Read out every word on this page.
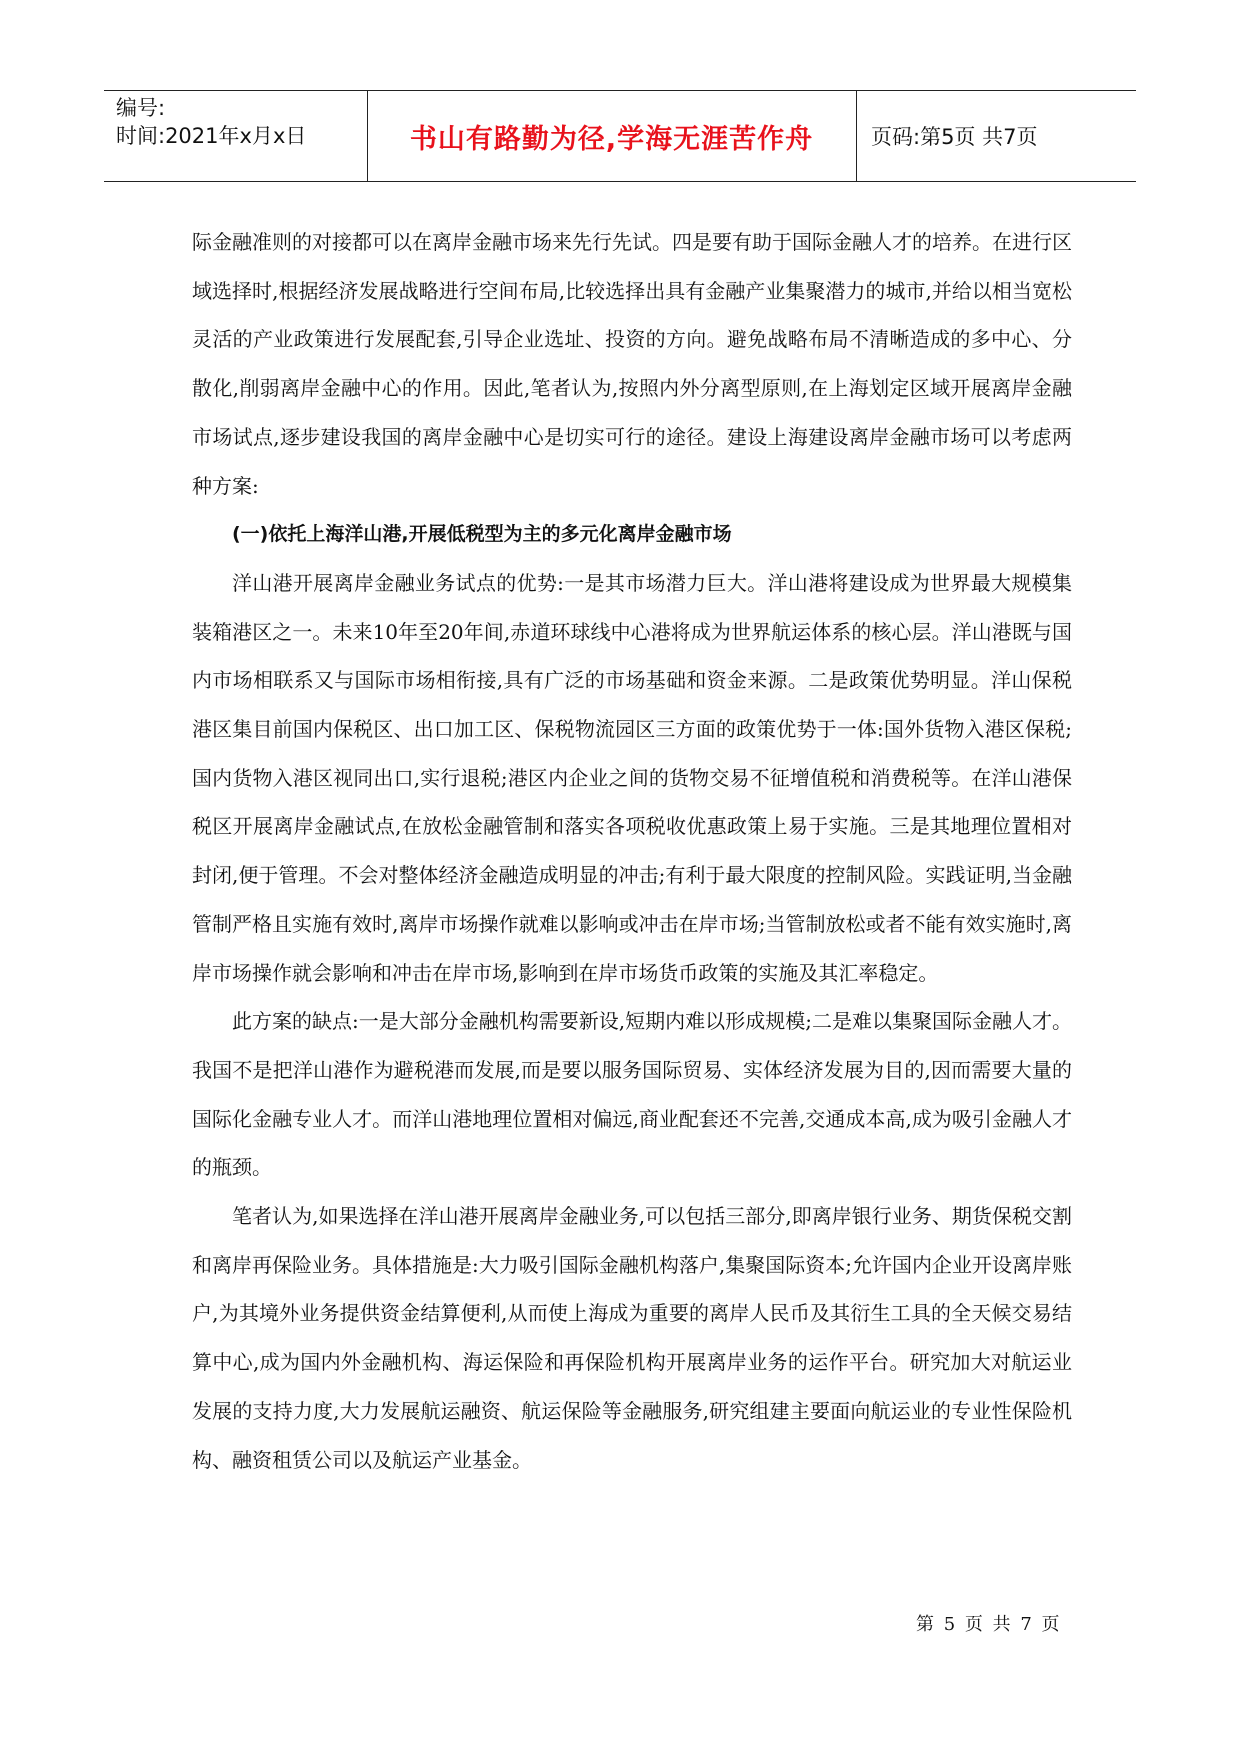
编号:
时间:2021年x月x日	书山有路勤为径,学海无涯苦作舟	页码:第5页 共7页

际金融准则的对接都可以在离岸金融市场来先行先试。四是要有助于国际金融人才的培养。在进行区域选择时,根据经济发展战略进行空间布局,比较选择出具有金融产业集聚潜力的城市,并给以相当宽松灵活的产业政策进行发展配套,引导企业选址、投资的方向。避免战略布局不清晰造成的多中心、分散化,削弱离岸金融中心的作用。因此,笔者认为,按照内外分离型原则,在上海划定区域开展离岸金融市场试点,逐步建设我国的离岸金融中心是切实可行的途径。建设上海建设离岸金融市场可以考虑两种方案:

(一)依托上海洋山港,开展低税型为主的多元化离岸金融市场

洋山港开展离岸金融业务试点的优势:一是其市场潜力巨大。洋山港将建设成为世界最大规模集装箱港区之一。未来10年至20年间,赤道环球线中心港将成为世界航运体系的核心层。洋山港既与国内市场相联系又与国际市场相衔接,具有广泛的市场基础和资金来源。二是政策优势明显。洋山保税港区集目前国内保税区、出口加工区、保税物流园区三方面的政策优势于一体:国外货物入港区保税;国内货物入港区视同出口,实行退税;港区内企业之间的货物交易不征增值税和消费税等。在洋山港保税区开展离岸金融试点,在放松金融管制和落实各项税收优惠政策上易于实施。三是其地理位置相对封闭,便于管理。不会对整体经济金融造成明显的冲击;有利于最大限度的控制风险。实践证明,当金融管制严格且实施有效时,离岸市场操作就难以影响或冲击在岸市场;当管制放松或者不能有效实施时,离岸市场操作就会影响和冲击在岸市场,影响到在岸市场货币政策的实施及其汇率稳定。

此方案的缺点:一是大部分金融机构需要新设,短期内难以形成规模;二是难以集聚国际金融人才。我国不是把洋山港作为避税港而发展,而是要以服务国际贸易、实体经济发展为目的,因而需要大量的国际化金融专业人才。而洋山港地理位置相对偏远,商业配套还不完善,交通成本高,成为吸引金融人才的瓶颈。

笔者认为,如果选择在洋山港开展离岸金融业务,可以包括三部分,即离岸银行业务、期货保税交割和离岸再保险业务。具体措施是:大力吸引国际金融机构落户,集聚国际资本;允许国内企业开设离岸账户,为其境外业务提供资金结算便利,从而使上海成为重要的离岸人民币及其衍生工具的全天候交易结算中心,成为国内外金融机构、海运保险和再保险机构开展离岸业务的运作平台。研究加大对航运业发展的支持力度,大力发展航运融资、航运保险等金融服务,研究组建主要面向航运业的专业性保险机构、融资租赁公司以及航运产业基金。

第 5 页 共 7 页
